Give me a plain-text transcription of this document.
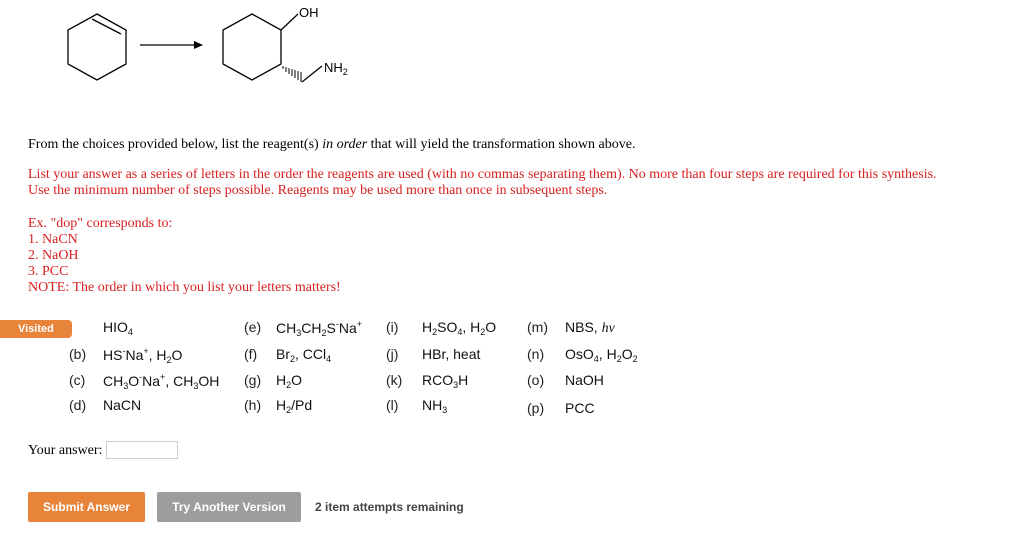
OH
$NH_2$
From the choices provided below, list the reagent(s) in order that will yield the transformation shown above.
List your answer as a series of letters in the order the reagents are used (with no commas separating them). No more than four steps are required for this synthesis.
Use the minimum number of steps possible. Reagents may be used more than once in subsequent steps.
Ex. "dop" corresponds to:
1. NaCN
2. NaOH
3. PCC
NOTE: The order in which you list your letters matters!
Visited	$HIO_4$
(b) HS-Na+, $H_2O$
(c) $CH_3O^-Na^+$, $CH_3OH$
(d) NaCN
(e) $CH_3CH_2S^-Na^+$
(f) $Br_2$, CCl$_4$
(g) $H_2O$
(h) $H_2/Pd$
(i) $H_2SO_4$, $H_2O$
(j) HBr, heat
(k) $RCO_3H$
(l) $NH_3$
(m) NBS, hν
(n) OsO$_4$, $H_2O_2$
(o) NaOH
(p) PCC
Your answer:
Submit Answer	Try Another Version	2 item attempts remaining
